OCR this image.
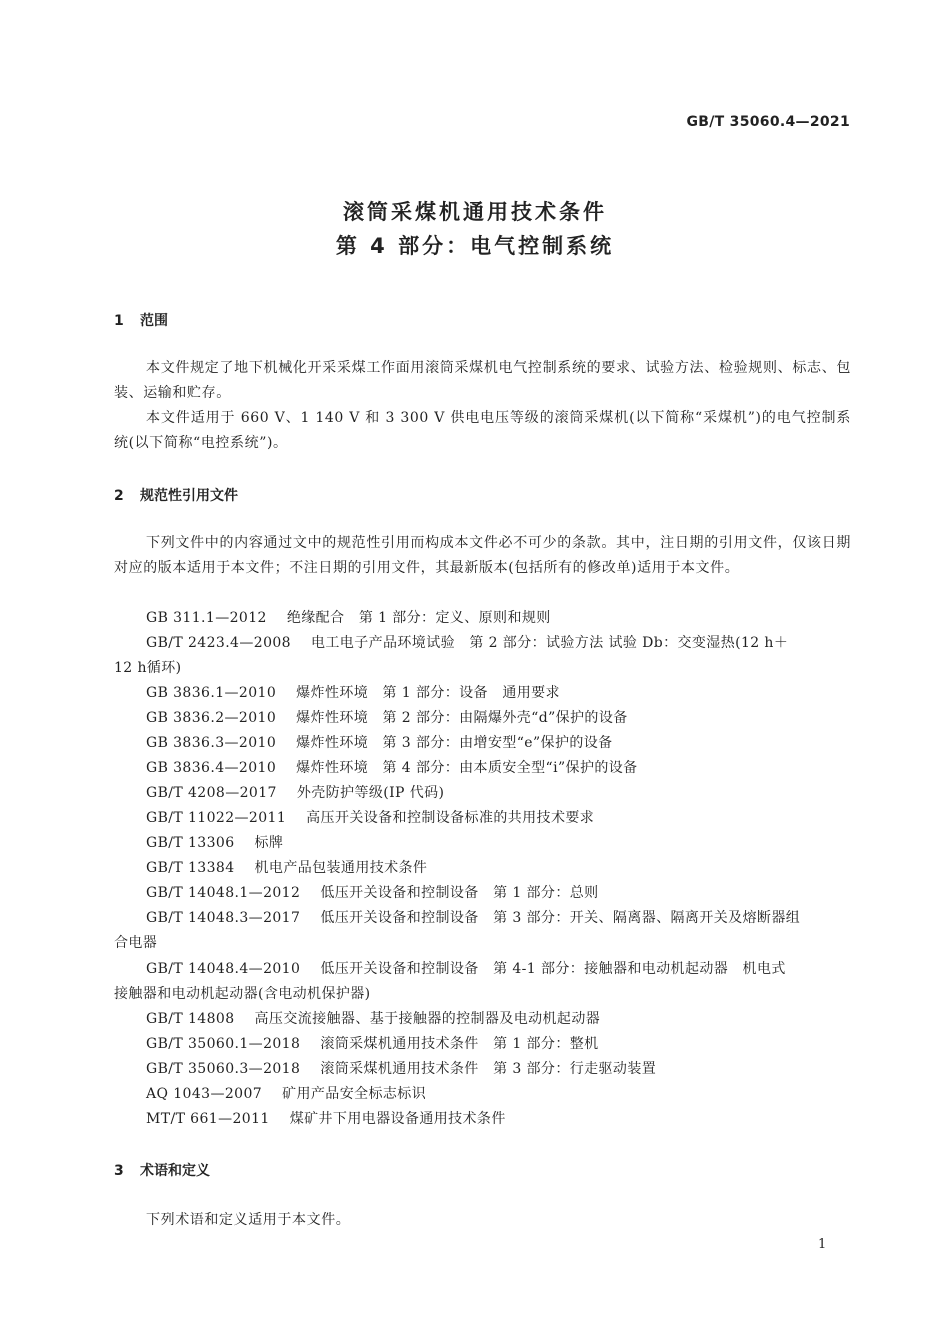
GB/T 35060.4—2021
滚筒采煤机通用技术条件
第 4 部分：电气控制系统
1 范围
本文件规定了地下机械化开采采煤工作面用滚筒采煤机电气控制系统的要求、试验方法、检验规则、标志、包装、运输和贮存。
本文件适用于 660 V、1 140 V 和 3 300 V 供电电压等级的滚筒采煤机(以下简称“采煤机”)的电气控制系统(以下简称“电控系统”)。
2 规范性引用文件
下列文件中的内容通过文中的规范性引用而构成本文件必不可少的条款。其中，注日期的引用文件，仅该日期对应的版本适用于本文件；不注日期的引用文件，其最新版本(包括所有的修改单)适用于本文件。
GB 311.1—2012 绝缘配合　第 1 部分：定义、原则和规则
GB/T 2423.4—2008 电工电子产品环境试验　第 2 部分：试验方法 试验 Db：交变湿热(12 h＋
12 h循环)
GB 3836.1—2010 爆炸性环境　第 1 部分：设备　通用要求
GB 3836.2—2010 爆炸性环境　第 2 部分：由隔爆外壳“d”保护的设备
GB 3836.3—2010 爆炸性环境　第 3 部分：由增安型“e”保护的设备
GB 3836.4—2010 爆炸性环境　第 4 部分：由本质安全型“i”保护的设备
GB/T 4208—2017 外壳防护等级(IP 代码)
GB/T 11022—2011 高压开关设备和控制设备标准的共用技术要求
GB/T 13306 标牌
GB/T 13384 机电产品包装通用技术条件
GB/T 14048.1—2012 低压开关设备和控制设备　第 1 部分：总则
GB/T 14048.3—2017 低压开关设备和控制设备　第 3 部分：开关、隔离器、隔离开关及熔断器组
合电器
GB/T 14048.4—2010 低压开关设备和控制设备　第 4-1 部分：接触器和电动机起动器　机电式
接触器和电动机起动器(含电动机保护器)
GB/T 14808 高压交流接触器、基于接触器的控制器及电动机起动器
GB/T 35060.1—2018 滚筒采煤机通用技术条件　第 1 部分：整机
GB/T 35060.3—2018 滚筒采煤机通用技术条件　第 3 部分：行走驱动装置
AQ 1043—2007 矿用产品安全标志标识
MT/T 661—2011 煤矿井下用电器设备通用技术条件
3 术语和定义
下列术语和定义适用于本文件。
1
